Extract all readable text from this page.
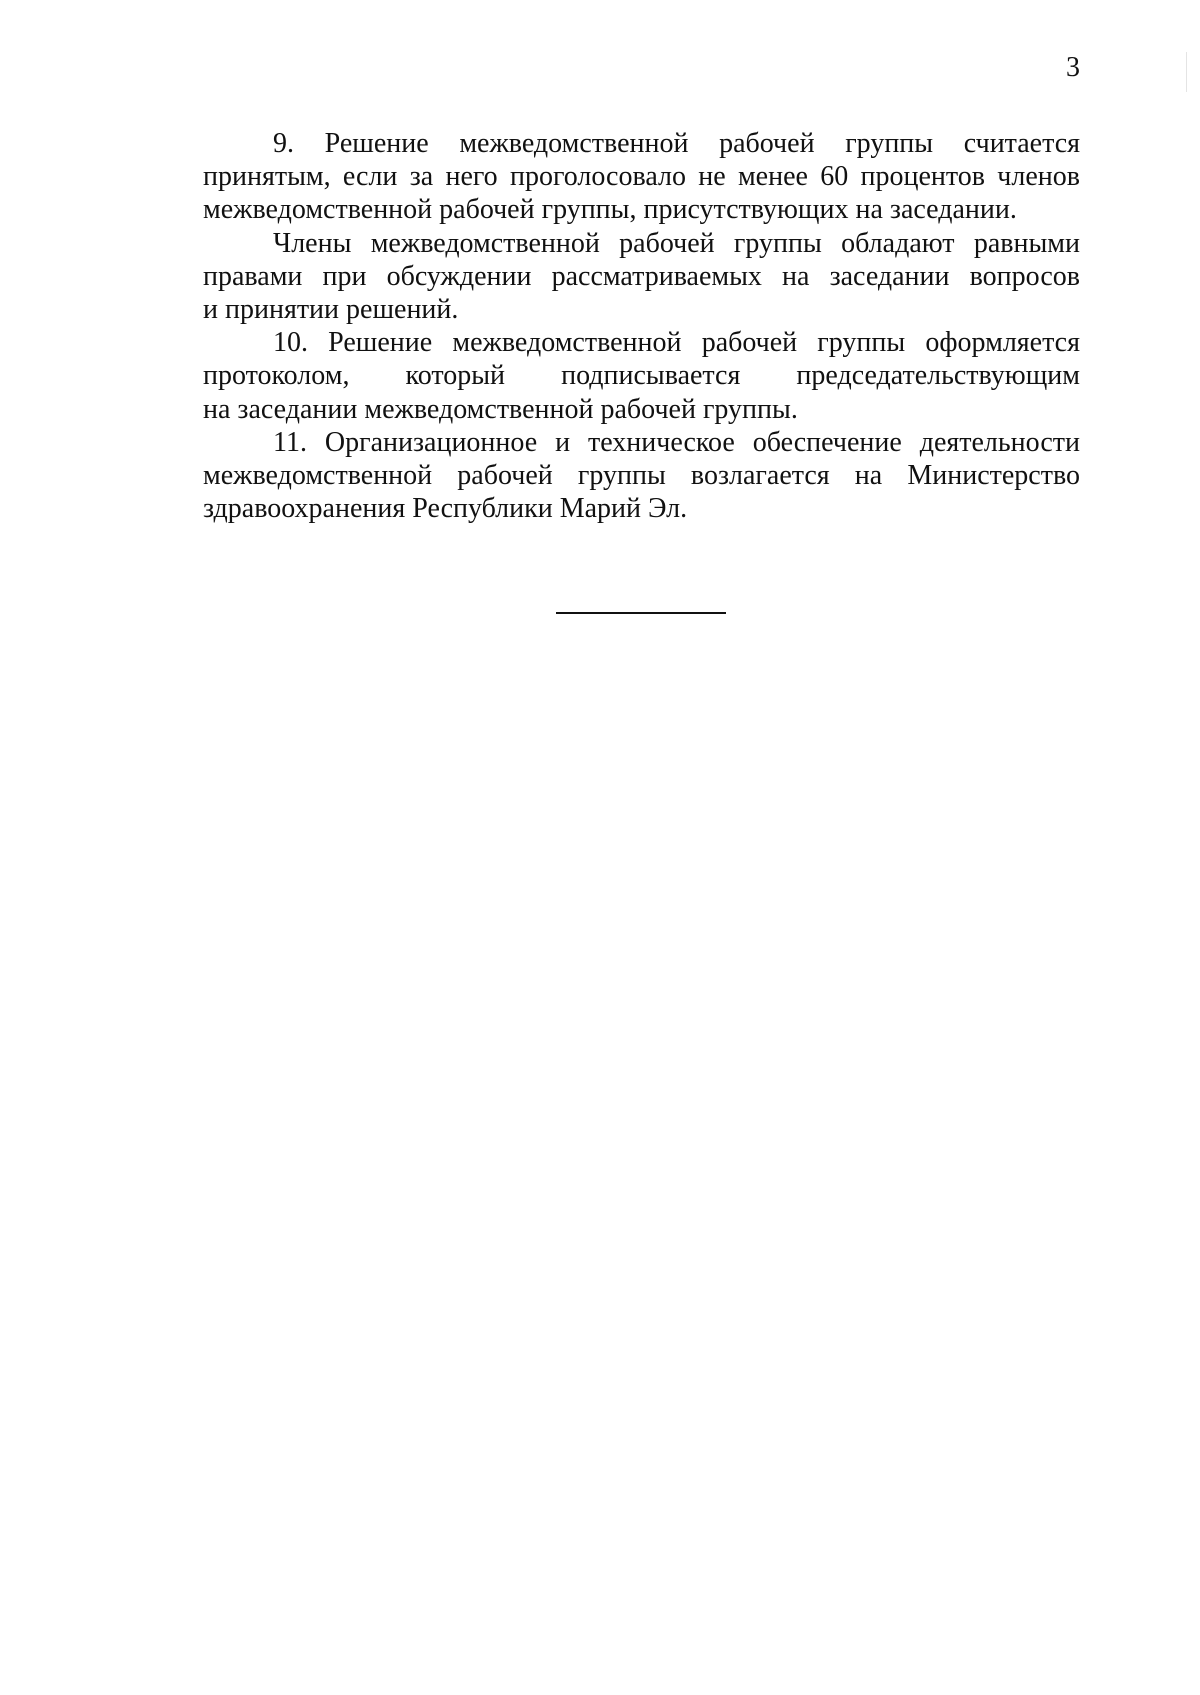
3
9. Решение межведомственной рабочей группы считается
принятым, если за него проголосовало не менее 60 процентов членов
межведомственной рабочей группы, присутствующих на заседании.
Члены межведомственной рабочей группы обладают равными
правами при обсуждении рассматриваемых на заседании вопросов
и принятии решений.
10. Решение межведомственной рабочей группы оформляется
протоколом, который подписывается председательствующим
на заседании межведомственной рабочей группы.
11. Организационное и техническое обеспечение деятельности
межведомственной рабочей группы возлагается на Министерство
здравоохранения Республики Марий Эл.
